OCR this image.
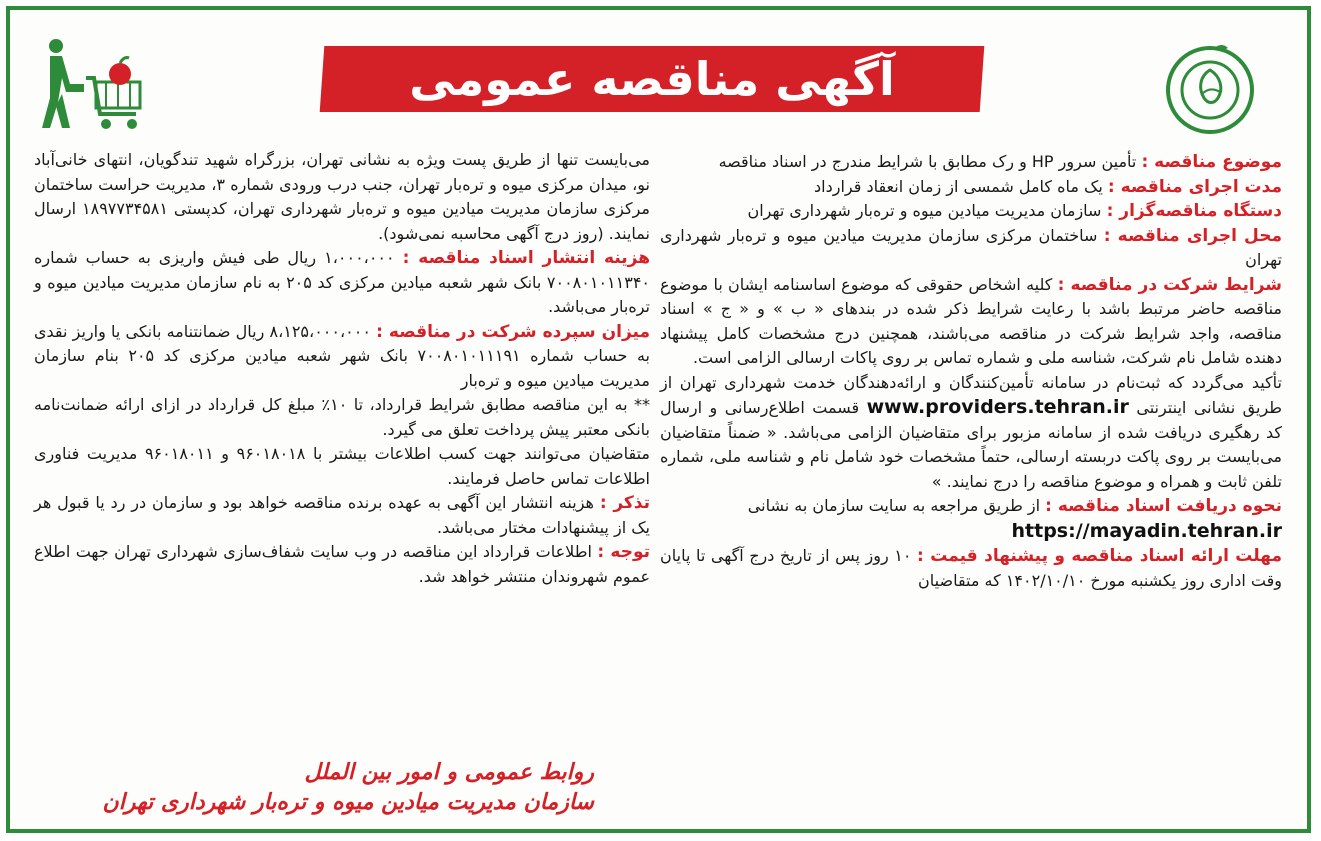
آگهی مناقصه عمومی

موضوع مناقصه : تأمین سرور HP و رک مطابق با شرایط مندرج در اسناد مناقصه

مدت اجرای مناقصه : یک ماه کامل شمسی از زمان انعقاد قرارداد

دستگاه مناقصه‌گزار : سازمان مدیریت میادین میوه و تره‌بار شهرداری تهران

محل اجرای مناقصه : ساختمان مرکزی سازمان مدیریت میادین میوه و تره‌بار شهرداری تهران

شرایط شرکت در مناقصه : کلیه اشخاص حقوقی که موضوع اساسنامه ایشان با موضوع مناقصه حاضر مرتبط باشد با رعایت شرایط ذکر شده در بندهای « ب » و « ج » اسناد مناقصه، واجد شرایط شرکت در مناقصه می‌باشند، همچنین درج مشخصات کامل پیشنهاد دهنده شامل نام شرکت، شناسه ملی و شماره تماس بر روی پاکات ارسالی الزامی است.

تأکید می‌گردد که ثبت‌نام در سامانه تأمین‌کنندگان و ارائه‌دهندگان خدمت شهرداری تهران از طریق نشانی اینترنتی www.providers.tehran.ir قسمت اطلاع‌رسانی و ارسال کد رهگیری دریافت شده از سامانه مزبور برای متقاضیان الزامی می‌باشد. « ضمناً متقاضیان می‌بایست بر روی پاکت دربسته ارسالی، حتماً مشخصات خود شامل نام و شناسه ملی، شماره تلفن ثابت و همراه و موضوع مناقصه را درج نمایند. »

نحوه دریافت اسناد مناقصه : از طریق مراجعه به سایت سازمان به نشانی

https://mayadin.tehran.ir

مهلت ارائه اسناد مناقصه و پیشنهاد قیمت : ۱۰ روز پس از تاریخ درج آگهی تا پایان وقت اداری روز یکشنبه مورخ ۱۴۰۲/۱۰/۱۰ که متقاضیان

می‌بایست تنها از طریق پست ویژه به نشانی تهران، بزرگراه شهید تندگویان، انتهای خانی‌آباد نو، میدان مرکزی میوه و تره‌بار تهران، جنب درب ورودی شماره ۳، مدیریت حراست ساختمان مرکزی سازمان مدیریت میادین میوه و تره‌بار شهرداری تهران، کدپستی ۱۸۹۷۷۳۴۵۸۱ ارسال نمایند. (روز درج آگهی محاسبه نمی‌شود).

هزینه انتشار اسناد مناقصه : ۱،۰۰۰،۰۰۰ ریال طی فیش واریزی به حساب شماره ۷۰۰۸۰۱۰۱۱۳۴۰ بانک شهر شعبه میادین مرکزی کد ۲۰۵ به نام سازمان مدیریت میادین میوه و تره‌بار می‌باشد.

میزان سپرده شرکت در مناقصه : ۸،۱۲۵،۰۰۰،۰۰۰ ریال ضمانتنامه بانکی یا واریز نقدی به حساب شماره ۷۰۰۸۰۱۰۱۱۱۹۱ بانک شهر شعبه میادین مرکزی کد ۲۰۵ بنام سازمان مدیریت میادین میوه و تره‌بار

** به این مناقصه مطابق شرایط قرارداد، تا ۱۰٪ مبلغ کل قرارداد در ازای ارائه ضمانت‌نامه بانکی معتبر پیش پرداخت تعلق می گیرد.

متقاضیان می‌توانند جهت کسب اطلاعات بیشتر با ۹۶۰۱۸۰۱۸ و ۹۶۰۱۸۰۱۱ مدیریت فناوری اطلاعات تماس حاصل فرمایند.

تذکر : هزینه انتشار این آگهی به عهده برنده مناقصه خواهد بود و سازمان در رد یا قبول هر یک از پیشنهادات مختار می‌باشد.

توجه : اطلاعات قرارداد این مناقصه در وب سایت شفاف‌سازی شهرداری تهران جهت اطلاع عموم شهروندان منتشر خواهد شد.

روابط عمومی و امور بین الملل
سازمان مدیریت میادین میوه و تره‌بار شهرداری تهران
